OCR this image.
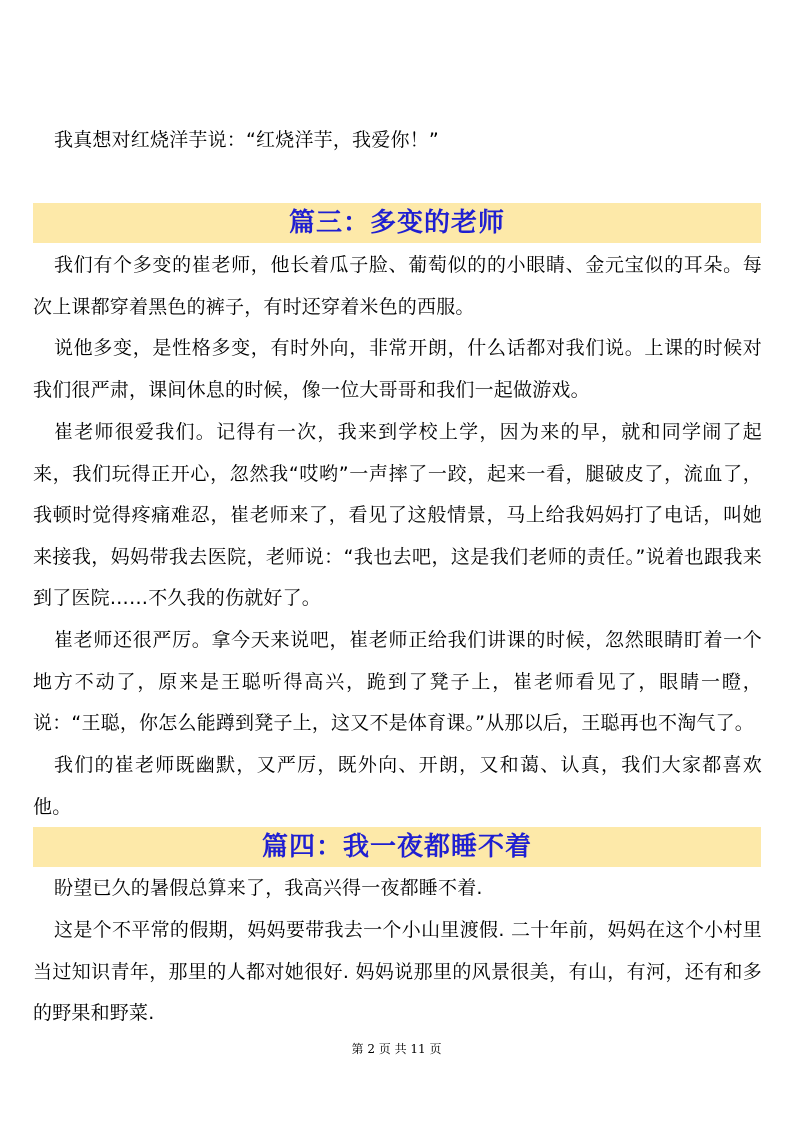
我真想对红烧洋芋说：“红烧洋芋，我爱你！”

篇三：多变的老师

我们有个多变的崔老师，他长着瓜子脸、葡萄似的的小眼睛、金元宝似的耳朵。每次上课都穿着黑色的裤子，有时还穿着米色的西服。

说他多变，是性格多变，有时外向，非常开朗，什么话都对我们说。上课的时候对我们很严肃，课间休息的时候，像一位大哥哥和我们一起做游戏。

崔老师很爱我们。记得有一次，我来到学校上学，因为来的早，就和同学闹了起来，我们玩得正开心，忽然我“哎哟”一声摔了一跤，起来一看，腿破皮了，流血了，我顿时觉得疼痛难忍，崔老师来了，看见了这般情景，马上给我妈妈打了电话，叫她来接我，妈妈带我去医院，老师说：“我也去吧，这是我们老师的责任。”说着也跟我来到了医院……不久我的伤就好了。

崔老师还很严厉。拿今天来说吧，崔老师正给我们讲课的时候，忽然眼睛盯着一个地方不动了，原来是王聪听得高兴，跪到了凳子上，崔老师看见了，眼睛一瞪，说：“王聪，你怎么能蹲到凳子上，这又不是体育课。”从那以后，王聪再也不淘气了。

我们的崔老师既幽默，又严厉，既外向、开朗，又和蔼、认真，我们大家都喜欢他。

篇四：我一夜都睡不着

盼望已久的暑假总算来了，我高兴得一夜都睡不着.

这是个不平常的假期，妈妈要带我去一个小山里渡假. 二十年前，妈妈在这个小村里当过知识青年，那里的人都对她很好. 妈妈说那里的风景很美，有山，有河，还有和多的野果和野菜.

第 2 页 共 11 页
